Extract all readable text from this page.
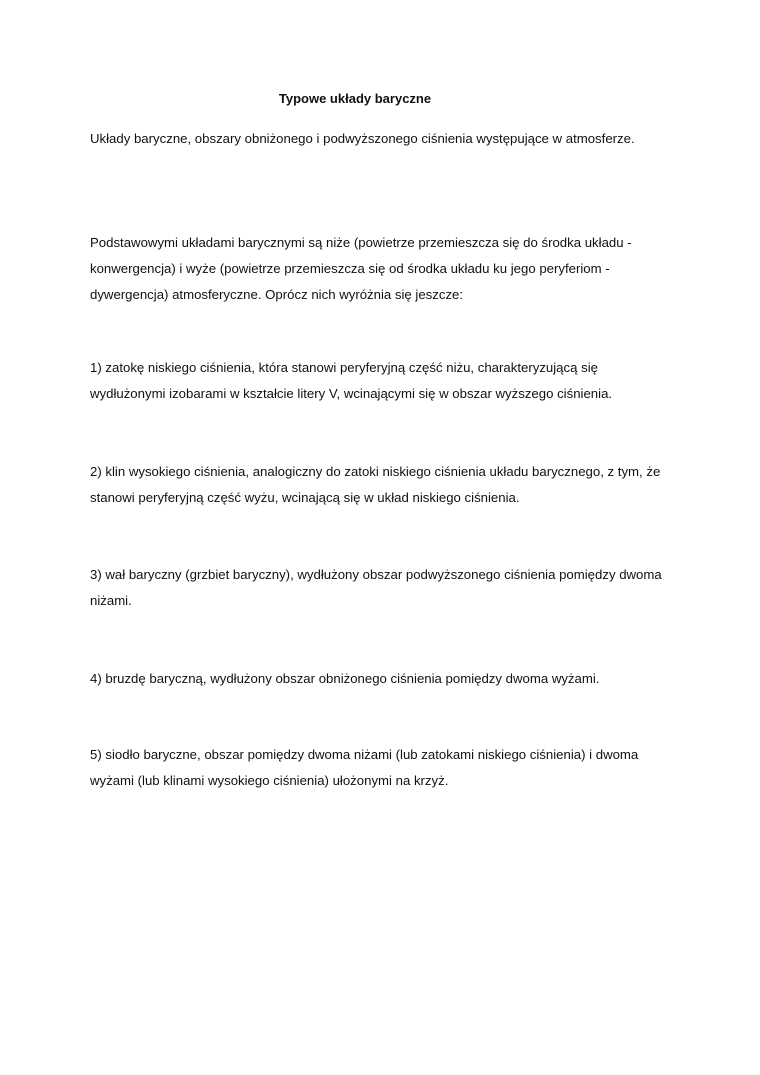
Typowe układy baryczne

Układy baryczne, obszary obniżonego i podwyższonego ciśnienia występujące w atmosferze.

Podstawowymi układami barycznymi są niże (powietrze przemieszcza się do środka układu - konwergencja) i wyże (powietrze przemieszcza się od środka układu ku jego peryferiom - dywergencja) atmosferyczne. Oprócz nich wyróżnia się jeszcze:

1) zatokę niskiego ciśnienia, która stanowi peryferyjną część niżu, charakteryzującą się wydłużonymi izobarami w kształcie litery V, wcinającymi się w obszar wyższego ciśnienia.

2) klin wysokiego ciśnienia, analogiczny do zatoki niskiego ciśnienia układu barycznego, z tym, że stanowi peryferyjną część wyżu, wcinającą się w układ niskiego ciśnienia.

3) wał baryczny (grzbiet baryczny), wydłużony obszar podwyższonego ciśnienia pomiędzy dwoma niżami.

4) bruzdę baryczną, wydłużony obszar obniżonego ciśnienia pomiędzy dwoma wyżami.

5) siodło baryczne, obszar pomiędzy dwoma niżami (lub zatokami niskiego ciśnienia) i dwoma wyżami (lub klinami wysokiego ciśnienia) ułożonymi na krzyż.
